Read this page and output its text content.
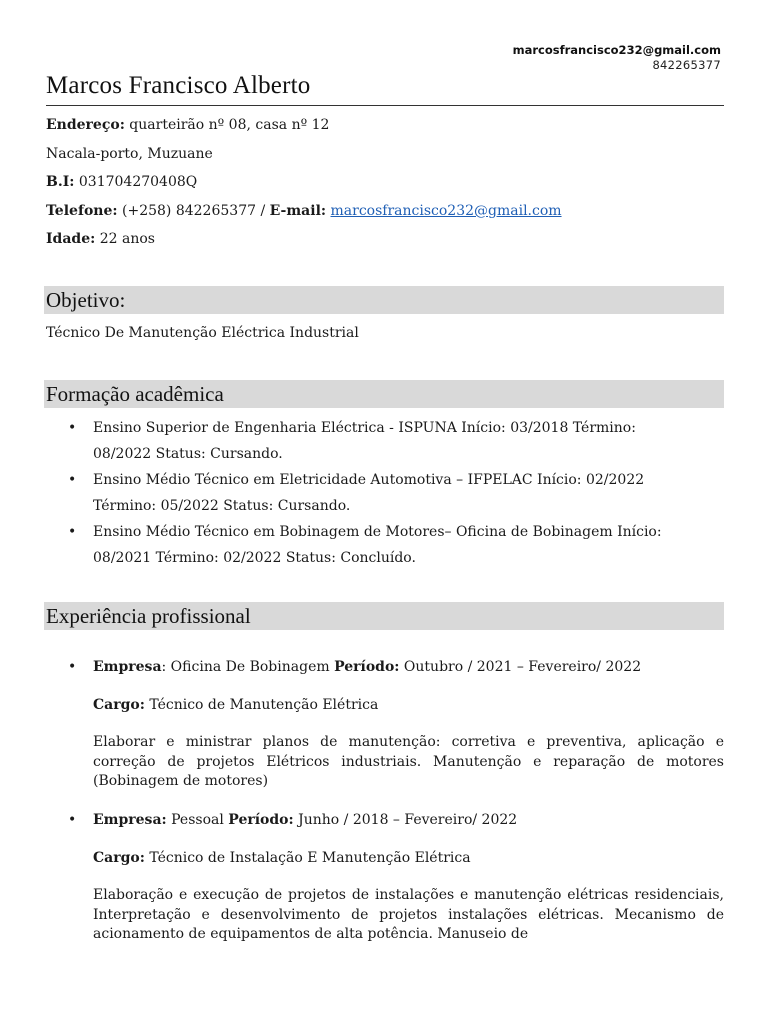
marcosfrancisco232@gmail.com
842265377
Marcos Francisco Alberto
Endereço: quarteirão nº 08, casa nº 12
Nacala-porto, Muzuane
B.I: 031704270408Q
Telefone: (+258) 842265377 / E-mail: marcosfrancisco232@gmail.com
Idade: 22 anos
Objetivo:
Técnico De Manutenção Eléctrica Industrial
Formação acadêmica
• Ensino Superior de Engenharia Eléctrica - ISPUNA Início: 03/2018 Término:
08/2022 Status: Cursando.
• Ensino Médio Técnico em Eletricidade Automotiva – IFPELAC Início: 02/2022
Término: 05/2022 Status: Cursando.
• Ensino Médio Técnico em Bobinagem de Motores– Oficina de Bobinagem Início:
08/2021 Término: 02/2022 Status: Concluído.
Experiência profissional
•	Empresa: Oficina De Bobinagem Período: Outubro / 2021 – Fevereiro/ 2022
Cargo: Técnico de Manutenção Elétrica
Elaborar e ministrar planos de manutenção: corretiva e preventiva, aplicação e correção de projetos Elétricos industriais. Manutenção e reparação de motores (Bobinagem de motores)
•	Empresa: Pessoal Período: Junho / 2018 – Fevereiro/ 2022
Cargo: Técnico de Instalação E Manutenção Elétrica
Elaboração e execução de projetos de instalações e manutenção elétricas residenciais, Interpretação e desenvolvimento de projetos instalações elétricas. Mecanismo de acionamento de equipamentos de alta potência. Manuseio de
